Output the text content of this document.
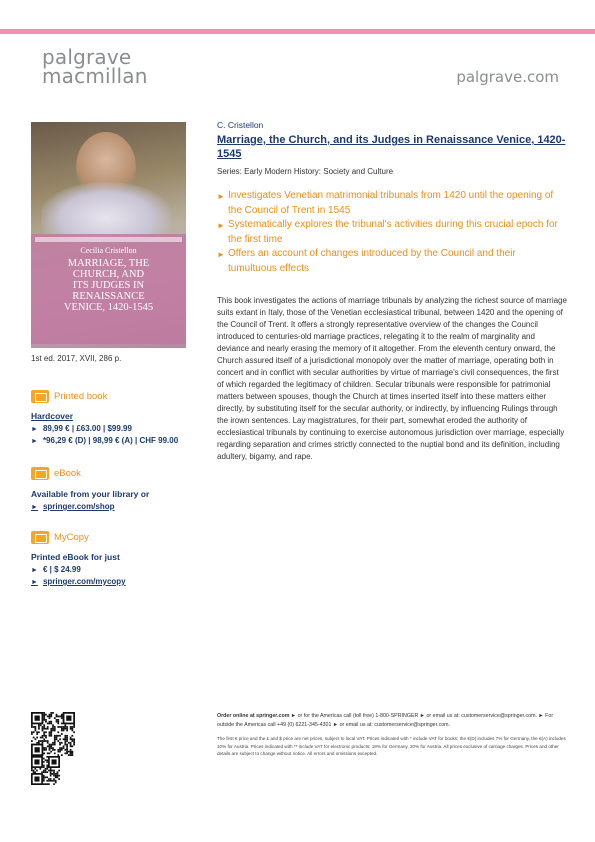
palgrave
macmillan	palgrave.com
Cecilia Cristellon
MARRIAGE, THE
CHURCH, AND
ITS JUDGES IN
RENAISSANCE
VENICE, 1420-1545
1st ed. 2017, XVII, 286 p.
Printed book
Hardcover
► 89,99 € | £63.00 | $99.99
► *96,29 € (D) | 98,99 € (A) | CHF 99.00
eBook
Available from your library or
► springer.com/shop
MyCopy
Printed eBook for just
► € | $ 24.99
► springer.com/mycopy
C. Cristellon
Marriage, the Church, and its Judges in Renaissance Venice, 1420-1545
Series: Early Modern History: Society and Culture
► Investigates Venetian matrimonial tribunals from 1420 until the opening of the Council of Trent in 1545
► Systematically explores the tribunal's activities during this crucial epoch for the first time
► Offers an account of changes introduced by the Council and their tumultuous effects
This book investigates the actions of marriage tribunals by analyzing the richest source of marriage suits extant in Italy, those of the Venetian ecclesiastical tribunal, between 1420 and the opening of the Council of Trent. It offers a strongly representative overview of the changes the Council introduced to centuries-old marriage practices, relegating it to the realm of marginality and deviance and nearly erasing the memory of it altogether. From the eleventh century onward, the Church assured itself of a jurisdictional monopoly over the matter of marriage, operating both in concert and in conflict with secular authorities by virtue of marriage's civil consequences, the first of which regarded the legitimacy of children. Secular tribunals were responsible for patrimonial matters between spouses, though the Church at times inserted itself into these matters either directly, by substituting itself for the secular authority, or indirectly, by influencing Rulings through the irown sentences. Lay magistratures, for their part, somewhat eroded the authority of ecclesiastical tribunals by continuing to exercise autonomous jurisdiction over marriage, especially regarding separation and crimes strictly connected to the nuptial bond and its definition, including adultery, bigamy, and rape.
Order online at springer.com ► or for the Americas call (toll free) 1-800-SPRINGER ► or email us at: customerservice@springer.com. ► For outside the Americas call +49 (0) 6221-345-4301 ► or email us at: customerservice@springer.com.
The first € price and the £ and $ price are net prices, subject to local VAT. Prices indicated with * include VAT for books; the €(D) includes 7% for Germany, the €(A) includes 10% for Austria. Prices indicated with ** include VAT for electronic products; 19% for Germany, 20% for Austria. All prices exclusive of carriage charges. Prices and other details are subject to change without notice. All errors and omissions excepted.
